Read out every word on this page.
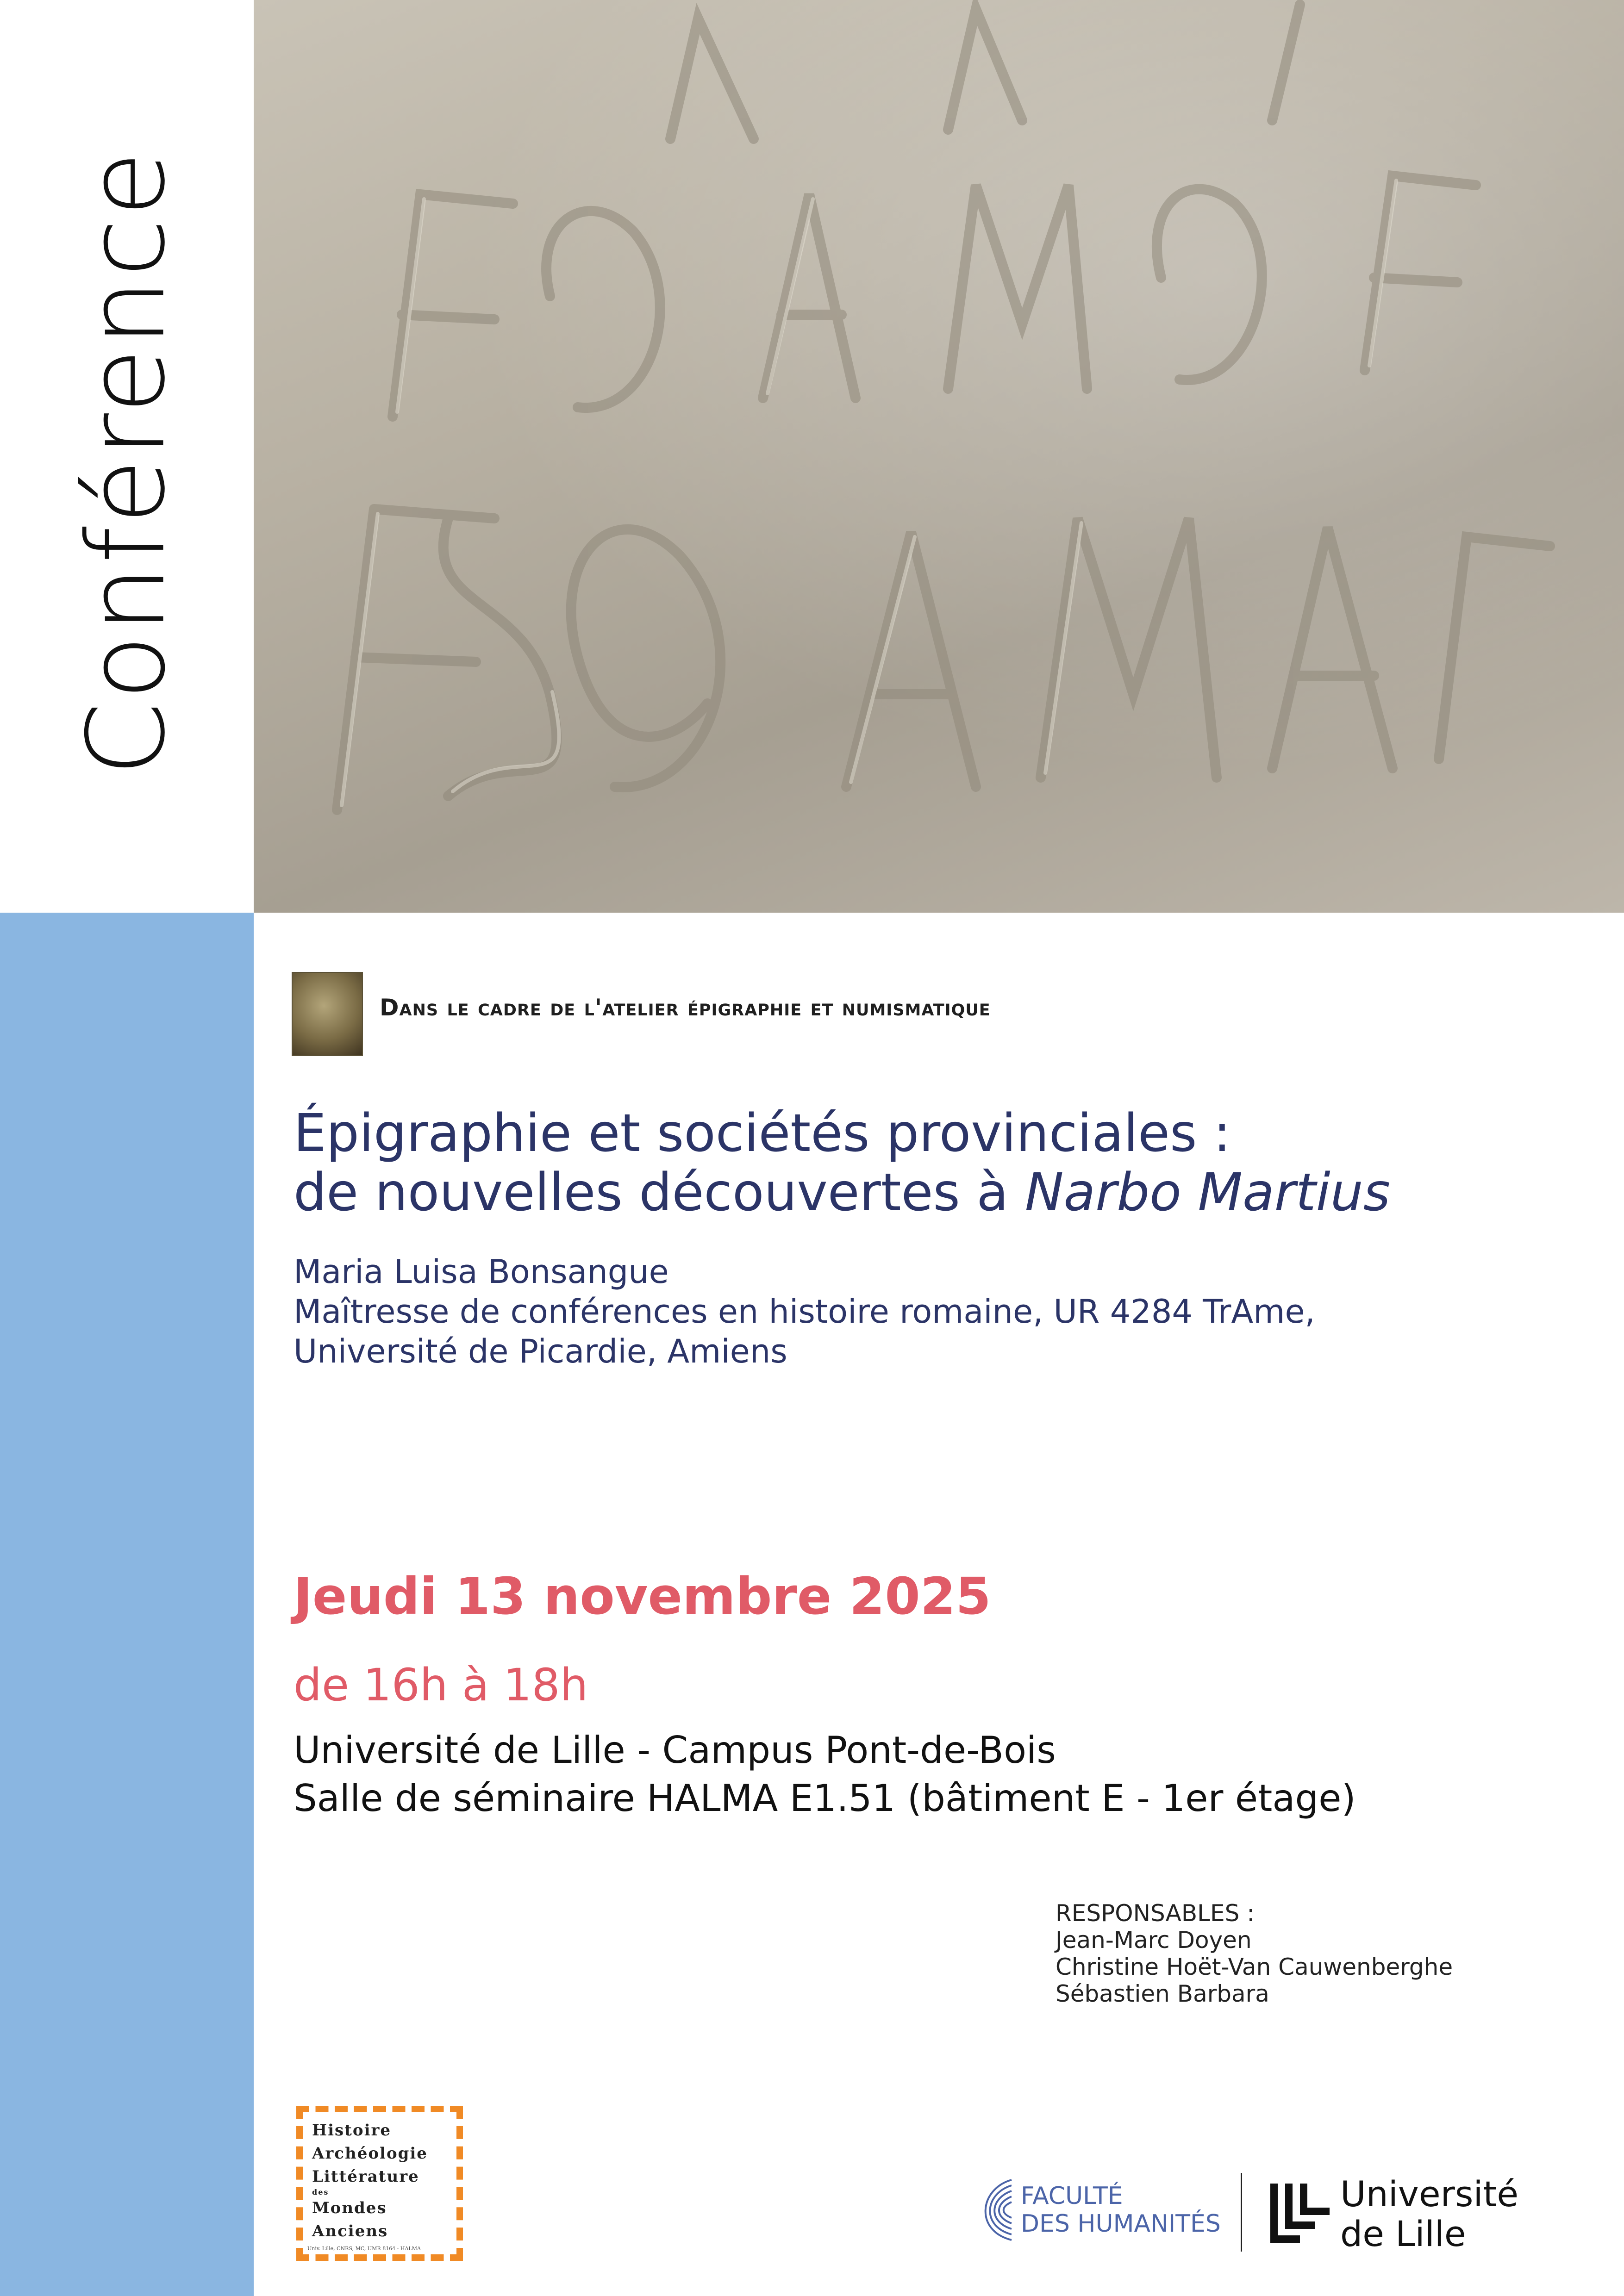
Conférence
Dans le cadre de l'atelier épigraphie et numismatique
Épigraphie et sociétés provinciales :
de nouvelles découvertes à Narbo Martius
Maria Luisa Bonsangue
Maîtresse de conférences en histoire romaine, UR 4284 TrAme,
Université de Picardie, Amiens
Jeudi 13 novembre 2025
de 16h à 18h
Université de Lille - Campus Pont-de-Bois
Salle de séminaire HALMA E1.51 (bâtiment E - 1er étage)
RESPONSABLES :
Jean-Marc Doyen
Christine Hoët-Van Cauwenberghe
Sébastien Barbara
Histoire
Archéologie
Littérature
des
Mondes
Anciens
Univ. Lille, CNRS, MC, UMR 8164 - HALMA
FACULTÉ
DES HUMANITÉS
Université
de Lille
